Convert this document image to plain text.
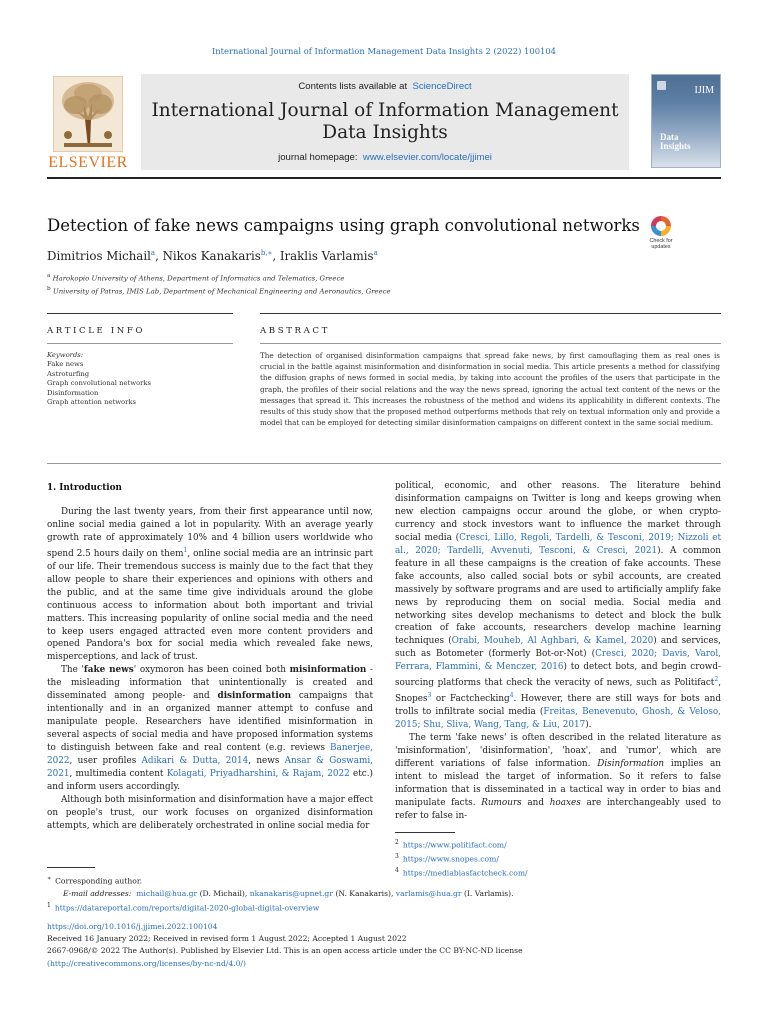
International Journal of Information Management Data Insights 2 (2022) 100104
ELSEVIER
Contents lists available at ScienceDirect
International Journal of Information Management Data Insights
journal homepage: www.elsevier.com/locate/jjimei
IJIM
Data
Insights
Detection of fake news campaigns using graph convolutional networks
Check for
updates
Dimitrios Michail$^a$, Nikos Kanakaris$^{b,∗}$, Iraklis Varlamis$^a$
$^a$ Harokopio University of Athens, Department of Informatics and Telematics, Greece
$^b$ University of Patras, IMIS Lab, Department of Mechanical Engineering and Aeronautics, Greece
ARTICLE INFO	ABSTRACT
Keywords:
Fake news
Astroturfing
Graph convolutional networks
Disinformation
Graph attention networks
The detection of organised disinformation campaigns that spread fake news, by first camouflaging them as real ones is crucial in the battle against misinformation and disinformation in social media. This article presents a method for classifying the diffusion graphs of news formed in social media, by taking into account the profiles of the users that participate in the graph, the profiles of their social relations and the way the news spread, ignoring the actual text content of the news or the messages that spread it. This increases the robustness of the method and widens its applicability in different contexts. The results of this study show that the proposed method outperforms methods that rely on textual information only and provide a model that can be employed for detecting similar disinformation campaigns on different context in the same social medium.
1. Introduction

During the last twenty years, from their first appearance until now, online social media gained a lot in popularity. With an average yearly growth rate of approximately 10% and 4 billion users worldwide who spend 2.5 hours daily on them$^1$, online social media are an intrinsic part of our life. Their tremendous success is mainly due to the fact that they allow people to share their experiences and opinions with others and the public, and at the same time give individuals around the globe continuous access to information about both important and trivial matters. This increasing popularity of online social media and the need to keep users engaged attracted even more content providers and opened Pandora's box for social media which revealed fake news, misperceptions, and lack of trust.

The 'fake news' oxymoron has been coined both misinformation -the misleading information that unintentionally is created and disseminated among people- and disinformation campaigns that intentionally and in an organized manner attempt to confuse and manipulate people. Researchers have identified misinformation in several aspects of social media and have proposed information systems to distinguish between fake and real content (e.g. reviews Banerjee, 2022, user profiles Adikari & Dutta, 2014, news Ansar & Goswami, 2021, multimedia content Kolagati, Priyadharshini, & Rajam, 2022 etc.) and inform users accordingly.

Although both misinformation and disinformation have a major effect on people's trust, our work focuses on organized disinformation attempts, which are deliberately orchestrated in online social media for

political, economic, and other reasons. The literature behind disinformation campaigns on Twitter is long and keeps growing when new election campaigns occur around the globe, or when crypto-currency and stock investors want to influence the market through social media (Cresci, Lillo, Regoli, Tardelli, & Tesconi, 2019; Nizzoli et al., 2020; Tardelli, Avvenuti, Tesconi, & Cresci, 2021). A common feature in all these campaigns is the creation of fake accounts. These fake accounts, also called social bots or sybil accounts, are created massively by software programs and are used to artificially amplify fake news by reproducing them on social media. Social media and networking sites develop mechanisms to detect and block the bulk creation of fake accounts, researchers develop machine learning techniques (Orabi, Mouheb, Al Aghbari, & Kamel, 2020) and services, such as Botometer (formerly Bot-or-Not) (Cresci, 2020; Davis, Varol, Ferrara, Flammini, & Menczer, 2016) to detect bots, and begin crowd-sourcing platforms that check the veracity of news, such as Politifact$^2$, Snopes$^3$ or Factchecking$^4$. However, there are still ways for bots and trolls to infiltrate social media (Freitas, Benevenuto, Ghosh, & Veloso, 2015; Shu, Sliva, Wang, Tang, & Liu, 2017).

The term 'fake news' is often described in the related literature as 'misinformation', 'disinformation', 'hoax', and 'rumor', which are different variations of false information. Disinformation implies an intent to mislead the target of information. So it refers to false information that is disseminated in a tactical way in order to bias and manipulate facts. Rumours and hoaxes are interchangeably used to refer to false in-

$^2$ https://www.politifact.com/
$^3$ https://www.snopes.com/
$^4$ https://mediabiasfactcheck.com/
∗ Corresponding author.
E-mail addresses: michail@hua.gr (D. Michail), nkanakaris@upnet.gr (N. Kanakaris), varlamis@hua.gr (I. Varlamis).
$^1$ https://datareportal.com/reports/digital-2020-global-digital-overview
https://doi.org/10.1016/j.jjimei.2022.100104
Received 16 January 2022; Received in revised form 1 August 2022; Accepted 1 August 2022
2667-0968/© 2022 The Author(s). Published by Elsevier Ltd. This is an open access article under the CC BY-NC-ND license
(http://creativecommons.org/licenses/by-nc-nd/4.0/)
